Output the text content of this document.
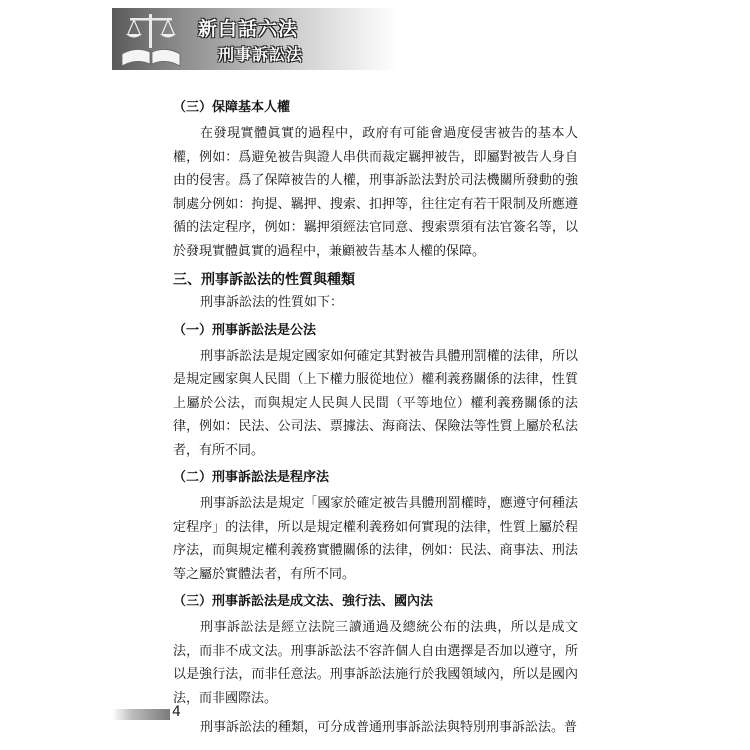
新白話六法
刑事訴訟法

（三）保障基本人權

在發現實體眞實的過程中，政府有可能會過度侵害被告的基本人權，例如：爲避免被告與證人串供而裁定羈押被告，即屬對被告人身自由的侵害。爲了保障被告的人權，刑事訴訟法對於司法機關所發動的強制處分例如：拘提、羈押、搜索、扣押等，往往定有若干限制及所應遵循的法定程序，例如：羈押須經法官同意、搜索票須有法官簽名等，以於發現實體眞實的過程中，兼顧被告基本人權的保障。

三、刑事訴訟法的性質與種類

刑事訴訟法的性質如下：

（一）刑事訴訟法是公法

刑事訴訟法是規定國家如何確定其對被告具體刑罰權的法律，所以是規定國家與人民間（上下權力服從地位）權利義務關係的法律，性質上屬於公法，而與規定人民與人民間（平等地位）權利義務關係的法律，例如：民法、公司法、票據法、海商法、保險法等性質上屬於私法者，有所不同。

（二）刑事訴訟法是程序法

刑事訴訟法是規定「國家於確定被告具體刑罰權時，應遵守何種法定程序」的法律，所以是規定權利義務如何實現的法律，性質上屬於程序法，而與規定權利義務實體關係的法律，例如：民法、商事法、刑法等之屬於實體法者，有所不同。

（三）刑事訴訟法是成文法、強行法、國內法

刑事訴訟法是經立法院三讀通過及總統公布的法典，所以是成文法，而非不成文法。刑事訴訟法不容許個人自由選擇是否加以遵守，所以是強行法，而非任意法。刑事訴訟法施行於我國領域內，所以是國內法，而非國際法。

刑事訴訟法的種類，可分成普通刑事訴訟法與特別刑事訴訟法。普

4
